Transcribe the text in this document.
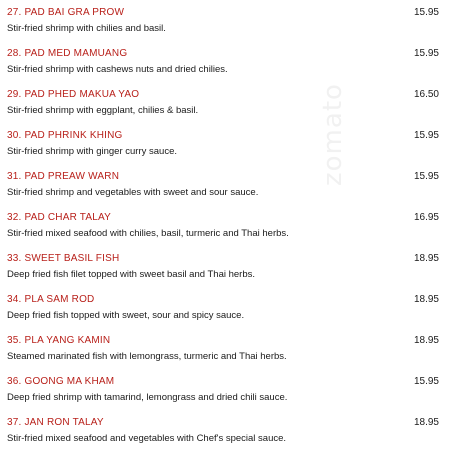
zomato
27. PAD BAI GRA PROW	15.95
Stir-fried shrimp with chilies and basil.
28. PAD MED MAMUANG	15.95
Stir-fried shrimp with cashews nuts and dried chilies.
29. PAD PHED MAKUA YAO	16.50
Stir-fried shrimp with eggplant, chilies & basil.
30. PAD PHRINK KHING	15.95
Stir-fried shrimp with ginger curry sauce.
31. PAD PREAW WARN	15.95
Stir-fried shrimp and vegetables with sweet and sour sauce.
32. PAD CHAR TALAY	16.95
Stir-fried mixed seafood with chilies, basil, turmeric and Thai herbs.
33. SWEET BASIL FISH	18.95
Deep fried fish filet topped with sweet basil and Thai herbs.
34. PLA SAM ROD	18.95
Deep fried fish topped with sweet, sour and spicy sauce.
35. PLA YANG KAMIN	18.95
Steamed marinated fish with lemongrass, turmeric and Thai herbs.
36. GOONG MA KHAM	15.95
Deep fried shrimp with tamarind, lemongrass and dried chili sauce.
37. JAN RON TALAY	18.95
Stir-fried mixed seafood and vegetables with Chef's special sauce.
